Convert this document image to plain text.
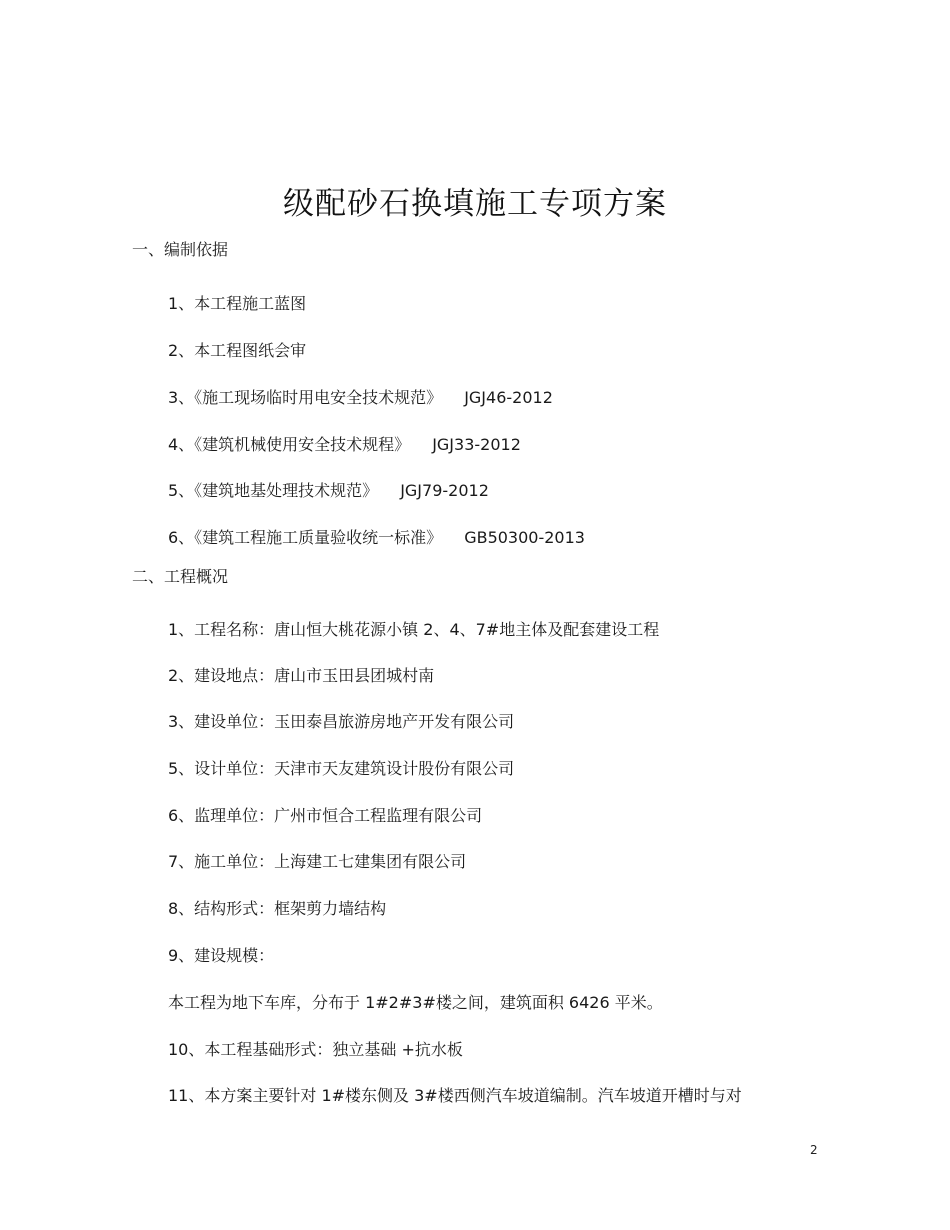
级配砂石换填施工专项方案
一、编制依据
1、本工程施工蓝图
2、本工程图纸会审
3、《施工现场临时用电安全技术规范》 JGJ46-2012
4、《建筑机械使用安全技术规程》 JGJ33-2012
5、《建筑地基处理技术规范》 JGJ79-2012
6、《建筑工程施工质量验收统一标准》 GB50300-2013
二、工程概况
1、工程名称：唐山恒大桃花源小镇 2、4、7#地主体及配套建设工程
2、建设地点：唐山市玉田县团城村南
3、建设单位：玉田泰昌旅游房地产开发有限公司
5、设计单位：天津市天友建筑设计股份有限公司
6、监理单位：广州市恒合工程监理有限公司
7、施工单位：上海建工七建集团有限公司
8、结构形式：框架剪力墙结构
9、建设规模：
本工程为地下车库，分布于 1#2#3#楼之间，建筑面积 6426 平米。
10、本工程基础形式：独立基础 +抗水板
11、本方案主要针对 1#楼东侧及 3#楼西侧汽车坡道编制。汽车坡道开槽时与对
2
